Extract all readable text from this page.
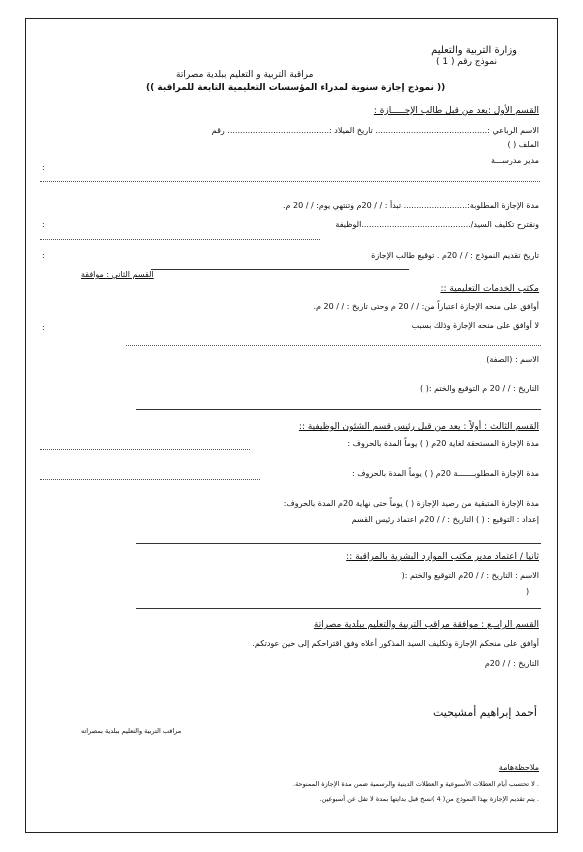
وزارة التربية والتعليم
نموذج رقم ( 1 )
مراقبة التربية و التعليم ببلدية مصراتة
(( نموذج إجازة سنوية لمدراء المؤسسات التعليمية التابعة للمراقبة ))
القسم الأول :يعد من قبل طالب الإجـــــازة :
الاسم الرباعي :............................................ تاريخ الميلاد :........................................ رقم
الملف ( )
مدير مدرســـة
:
مدة الإجازة المطلوبة:......................... تبدأ : / / 20م وتنتهي يوم: / / 20 م.
ونقترح تكليف السيد/...........................................الوظيفة
:
تاريخ تقديم النموذج : / / 20م . توقيع طالب الإجازة
:
القسم الثاني : موافقة
مكتب الخدمات التعليمية ::
أوافق على منحه الإجازة اعتباراً من: / / 20 م وحتى تاريخ : / / 20 م.
لا أوافق على منحه الإجازة وذلك بسبب
:
الاسم : (الصفة)
التاريخ : / / 20 م التوقيع والختم :( )
القسم الثالث : أولاً : يعد من قبل رئيس قسم الشئون الوظيفية ::
مدة الإجازة المستحقة لغاية 20م ( ) يوماً المدة بالحروف :
مدة الإجازة المطلوبـــــــة 20م ( ) يوماً المدة بالحروف :
مدة الإجازة المتبقية من رصيد الإجازة ( ) يوماً حتى نهاية 20م المدة بالحروف:
إعداد : التوقيع : ( ) التاريخ : / / 20م اعتماد رئيس القسم
ثانيا / اعتماد مدير مكتب الموارد البشرية بالمراقبة ::
الاسم : التاريخ : / / 20م التوقيع والختم :(
)
القسم الرابــع : موافقة مراقب التربية والتعليم ببلدية مصراتة
أوافق على منحكم الإجازة وتكليف السيد المذكور أعلاه وفق اقتراحكم إلى حين عودتكم.
التاريخ : / / 20م
أحمد إبراهيم أمشيحيت
مراقب التربية والتعليم ببلدية بمصراته
ملاحظةهامة
. لا تحتسب أيام العطلات الأسبوعية و العطلات الدينية والرسمية ضمن مدة الإجازة الممنوحة.
. يتم تقديم الإجازة بهذا النموذج من( 4 )نسخ قبل بدايتها بمدة لا تقل عن أسبوعين.
